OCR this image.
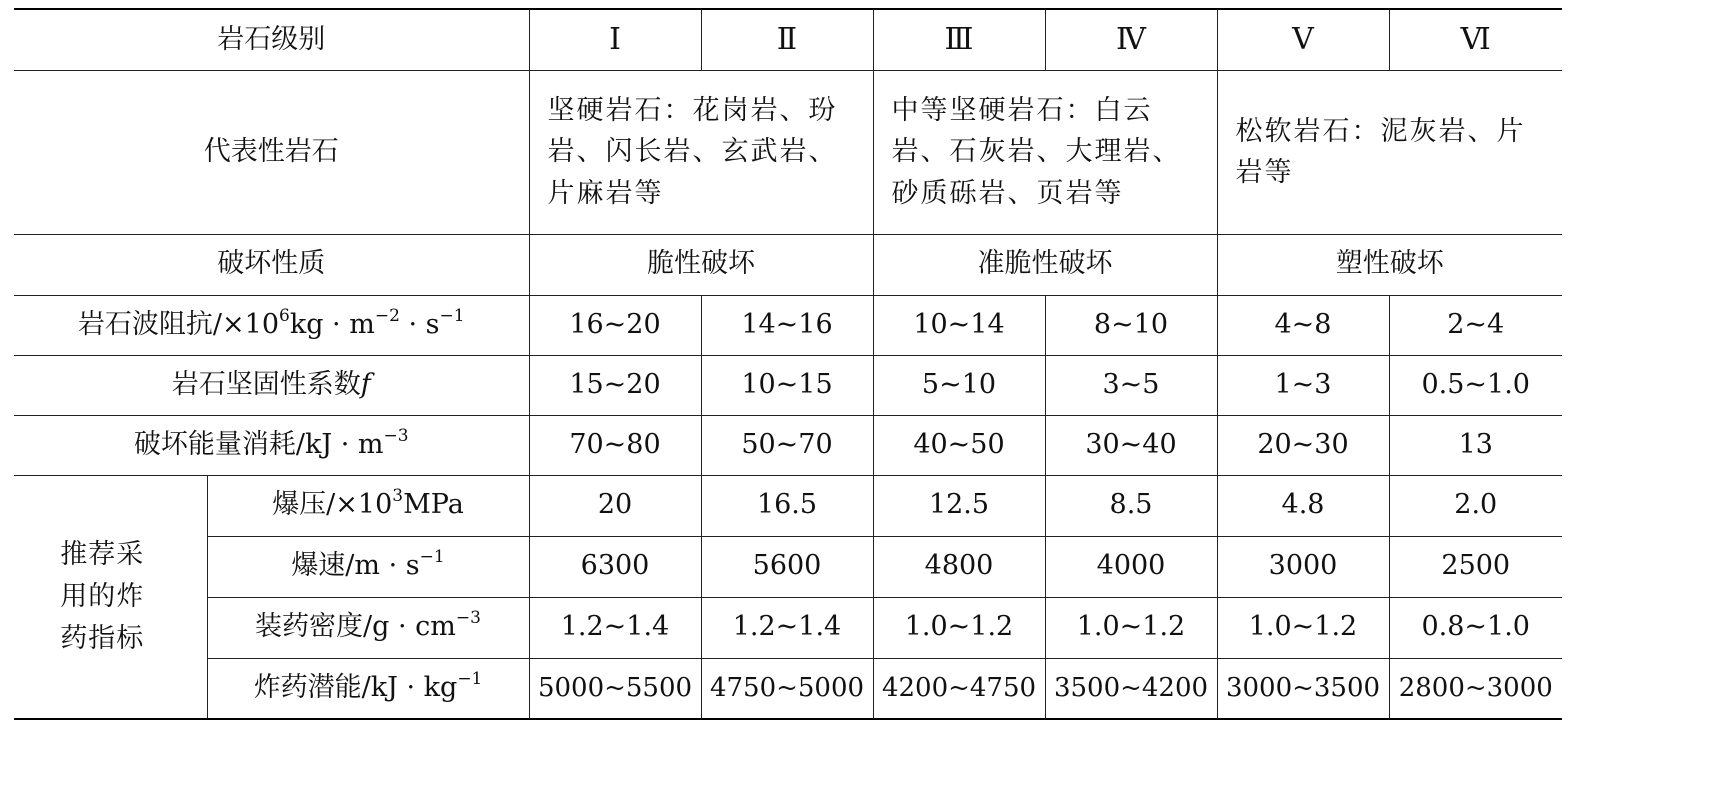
岩石级别		Ⅰ	Ⅱ	Ⅲ	Ⅳ	Ⅴ	Ⅵ
代表性岩石		坚硬岩石：花岗岩、玢岩、闪长岩、玄武岩、片麻岩等		中等坚硬岩石：白云岩、石灰岩、大理岩、砂质砾岩、页岩等		松软岩石：泥灰岩、片岩等	
破坏性质		脆性破坏		准脆性破坏		塑性破坏	
岩石波阻抗$/\times 10^6kg \cdot m^{-2} \cdot s^{-1}$		16~20	14~16	10~14	8~10	4~8	2~4
岩石坚固性系数f		15~20	10~15	5~10	3~5	1~3	0.5~1.0
破坏能量消耗$/kJ \cdot m^{-3}$		70~80	50~70	40~50	30~40	20~30	13
推荐采用的炸药指标	爆压$/\times 10^3MPa$	20	16.5	12.5	8.5	4.8	2.0
	爆速$/m \cdot s^{-1}$	6300	5600	4800	4000	3000	2500
	装药密度$/g \cdot cm^{-3}$	1.2~1.4	1.2~1.4	1.0~1.2	1.0~1.2	1.0~1.2	0.8~1.0
	炸药潜能$/kJ \cdot kg^{-1}$	5000~5500	4750~5000	4200~4750	3500~4200	3000~3500	2800~3000
